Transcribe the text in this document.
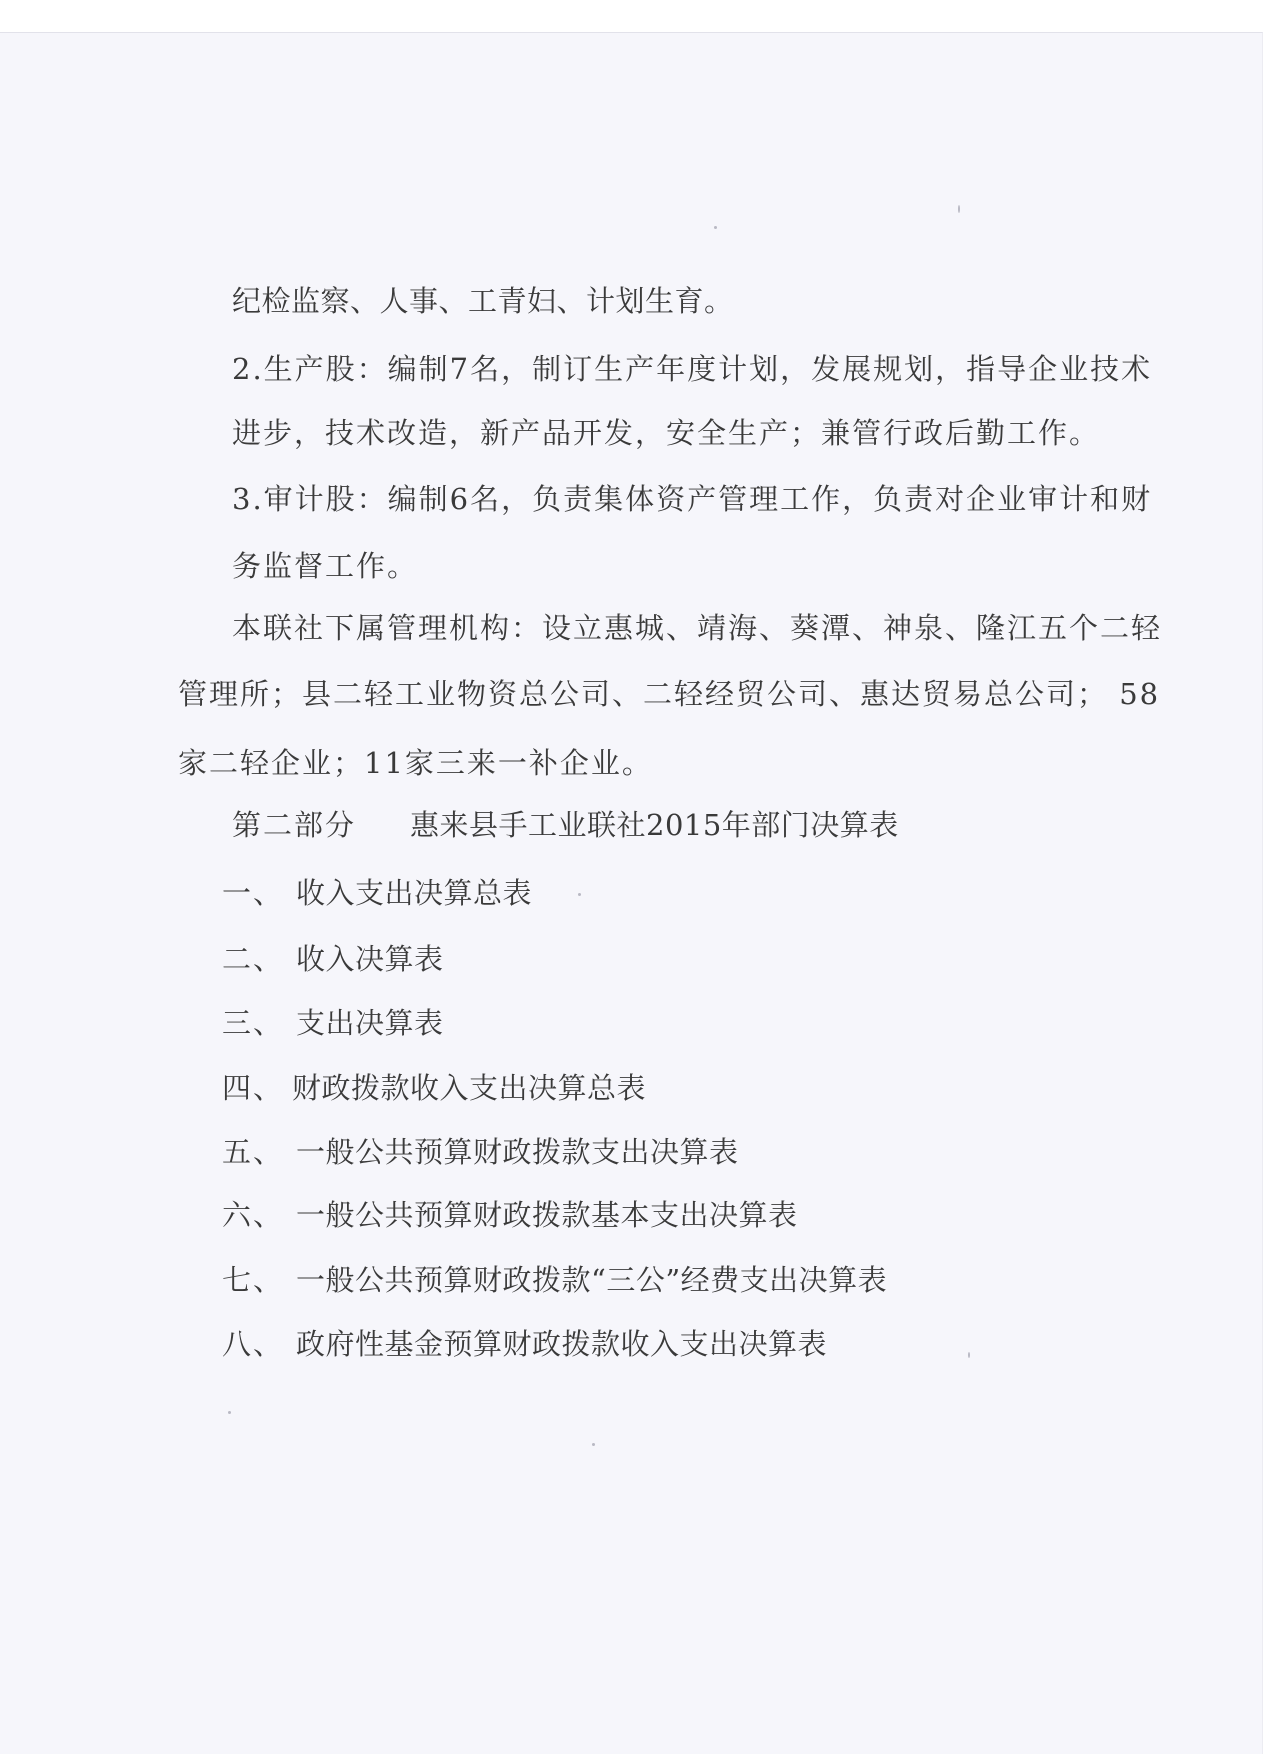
纪检监察、人事、工青妇、计划生育。
2.生产股：编制7名，制订生产年度计划，发展规划，指导企业技术
进步，技术改造，新产品开发，安全生产；兼管行政后勤工作。
3.审计股：编制6名，负责集体资产管理工作，负责对企业审计和财
务监督工作。
本联社下属管理机构：设立惠城、靖海、葵潭、神泉、隆江五个二轻
管理所；县二轻工业物资总公司、二轻经贸公司、惠达贸易总公司； 58
家二轻企业；11家三来一补企业。
第二部分 惠来县手工业联社2015年部门决算表
一、 收入支出决算总表
二、 收入决算表
三、 支出决算表
四、 财政拨款收入支出决算总表
五、 一般公共预算财政拨款支出决算表
六、 一般公共预算财政拨款基本支出决算表
七、 一般公共预算财政拨款“三公”经费支出决算表
八、 政府性基金预算财政拨款收入支出决算表
